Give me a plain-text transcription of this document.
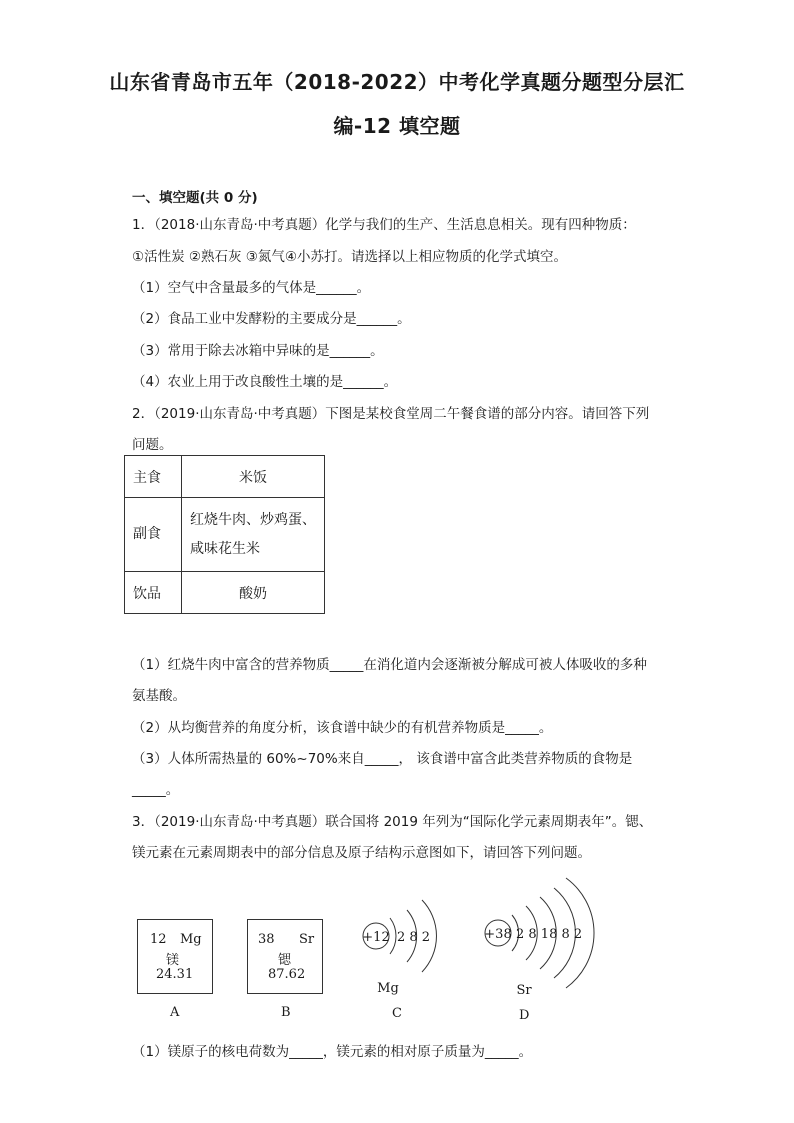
山东省青岛市五年（2018-2022）中考化学真题分题型分层汇
编-12 填空题
一、填空题(共 0 分)
1．（2018·山东青岛·中考真题）化学与我们的生产、生活息息相关。现有四种物质：
①活性炭 ②熟石灰 ③氮气④小苏打。请选择以上相应物质的化学式填空。
（1）空气中含量最多的气体是______。
（2）食品工业中发酵粉的主要成分是______。
（3）常用于除去冰箱中异味的是______。
（4）农业上用于改良酸性土壤的是______。
2．（2019·山东青岛·中考真题）下图是某校食堂周二午餐食谱的部分内容。请回答下列
问题。
主食	米饭
副食	红烧牛肉、炒鸡蛋、
咸味花生米

饮品	酸奶
（1）红烧牛肉中富含的营养物质_____在消化道内会逐渐被分解成可被人体吸收的多种
氨基酸。
（2）从均衡营养的角度分析，该食谱中缺少的有机营养物质是_____。
（3）人体所需热量的 60%~70%来自_____， 该食谱中富含此类营养物质的食物是
_____。
3．（2019·山东青岛·中考真题）联合国将 2019 年列为“国际化学元素周期表年”。锶、
镁元素在元素周期表中的部分信息及原子结构示意图如下，请回答下列问题。
12 Mg
镁
24.31
38 Sr
锶
87.62
+12 2 8 2
Mg
+38 2 8 18 8 2
Sr
A	B	C	D
（1）镁原子的核电荷数为_____，镁元素的相对原子质量为_____。
